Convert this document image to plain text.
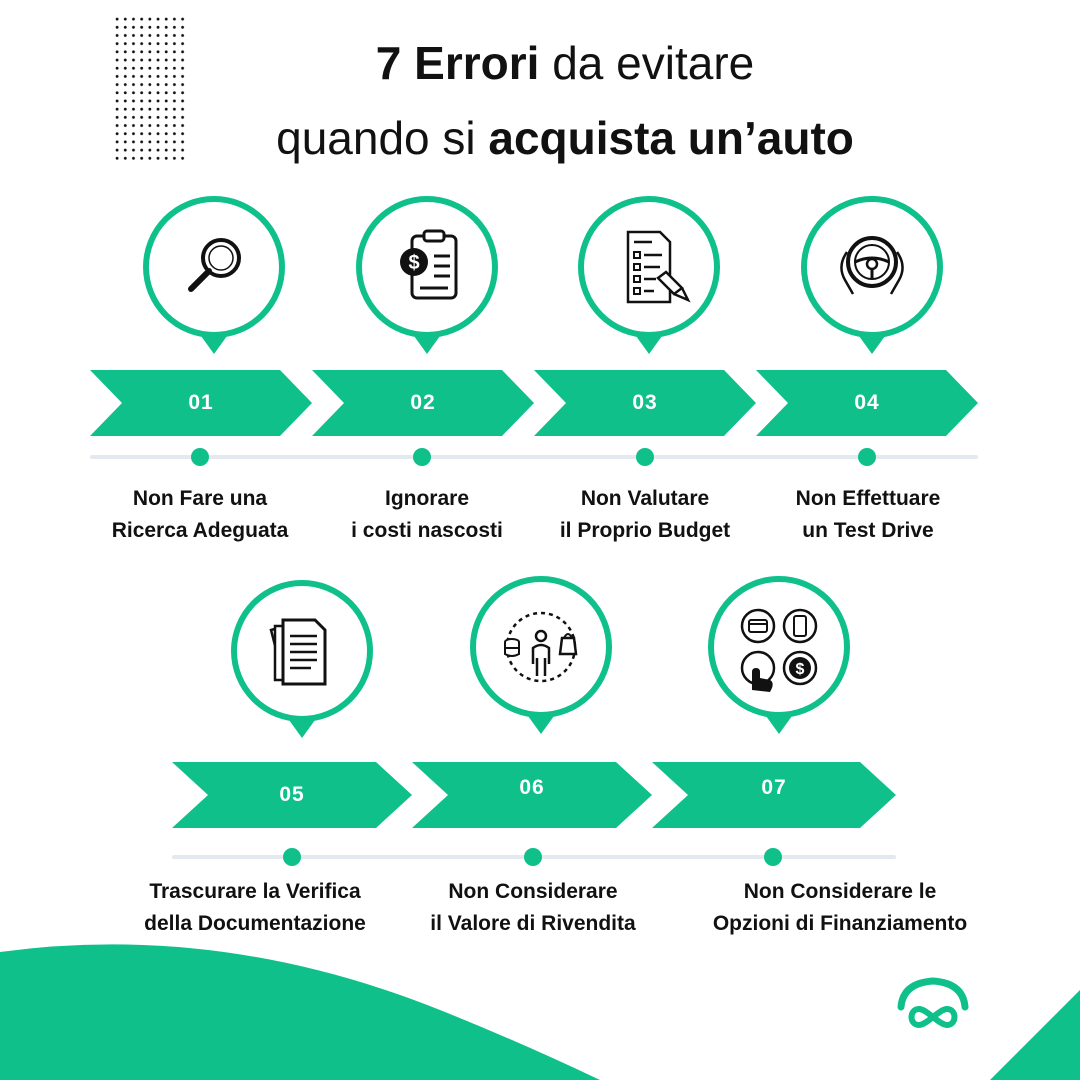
7 Errori da evitare
quando si acquista un’auto
01
Non Fare una
Ricerca Adeguata
$
02
Ignorare
i costi nascosti
03
Non Valutare
il Proprio Budget
04
Non Effettuare
un Test Drive
05
Trascurare la Verifica
della Documentazione
06
Non Considerare
il Valore di Rivendita
$
07
Non Considerare le
Opzioni di Finanziamento
